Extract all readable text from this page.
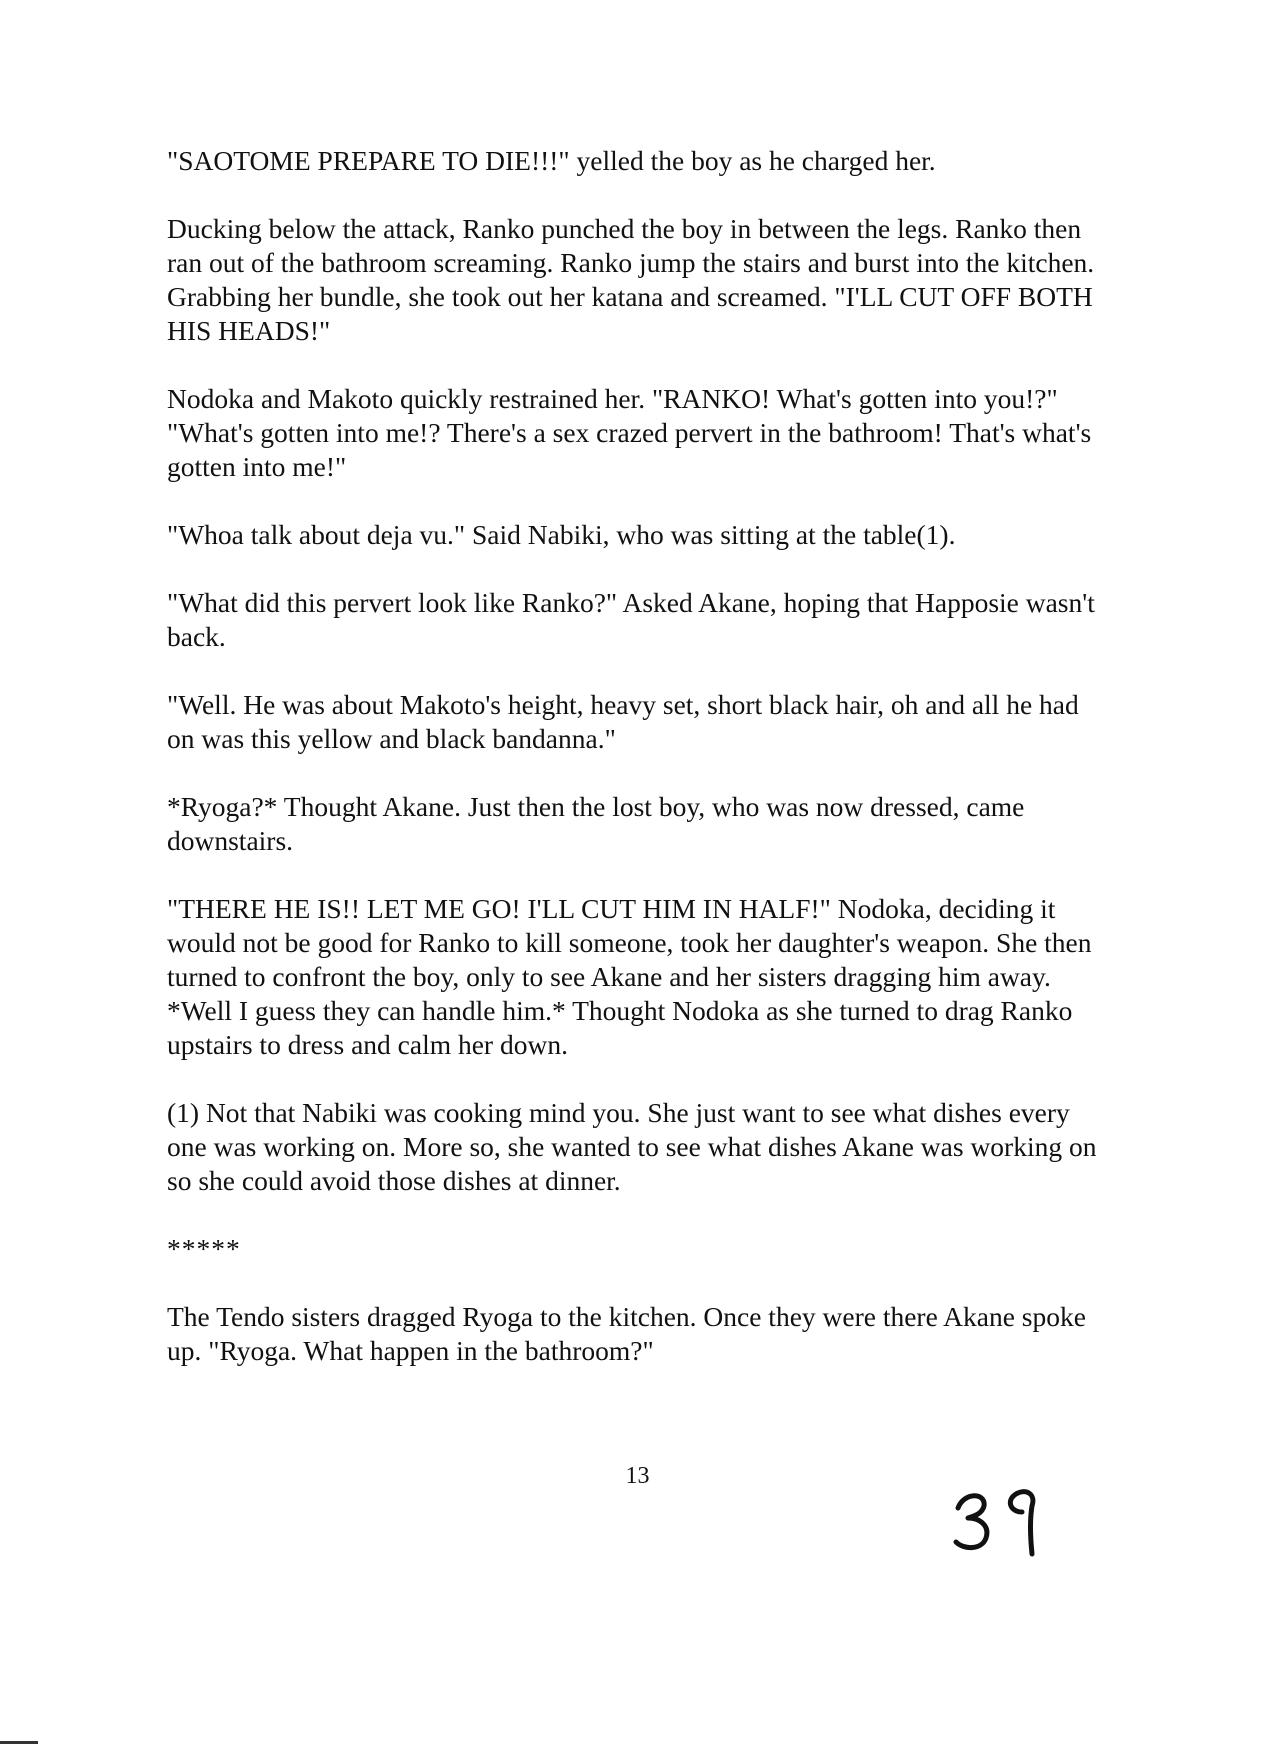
"SAOTOME PREPARE TO DIE!!!" yelled the boy as he charged her.

Ducking below the attack, Ranko punched the boy in between the legs. Ranko then
ran out of the bathroom screaming. Ranko jump the stairs and burst into the kitchen.
Grabbing her bundle, she took out her katana and screamed. "I'LL CUT OFF BOTH
HIS HEADS!"

Nodoka and Makoto quickly restrained her. "RANKO! What's gotten into you!?"
"What's gotten into me!? There's a sex crazed pervert in the bathroom! That's what's
gotten into me!"

"Whoa talk about deja vu." Said Nabiki, who was sitting at the table(1).

"What did this pervert look like Ranko?" Asked Akane, hoping that Happosie wasn't
back.

"Well. He was about Makoto's height, heavy set, short black hair, oh and all he had
on was this yellow and black bandanna."

*Ryoga?* Thought Akane. Just then the lost boy, who was now dressed, came
downstairs.

"THERE HE IS!! LET ME GO! I'LL CUT HIM IN HALF!" Nodoka, deciding it
would not be good for Ranko to kill someone, took her daughter's weapon. She then
turned to confront the boy, only to see Akane and her sisters dragging him away.
*Well I guess they can handle him.* Thought Nodoka as she turned to drag Ranko
upstairs to dress and calm her down.

(1) Not that Nabiki was cooking mind you. She just want to see what dishes every
one was working on. More so, she wanted to see what dishes Akane was working on
so she could avoid those dishes at dinner.

*****

The Tendo sisters dragged Ryoga to the kitchen. Once they were there Akane spoke
up. "Ryoga. What happen in the bathroom?"

13
